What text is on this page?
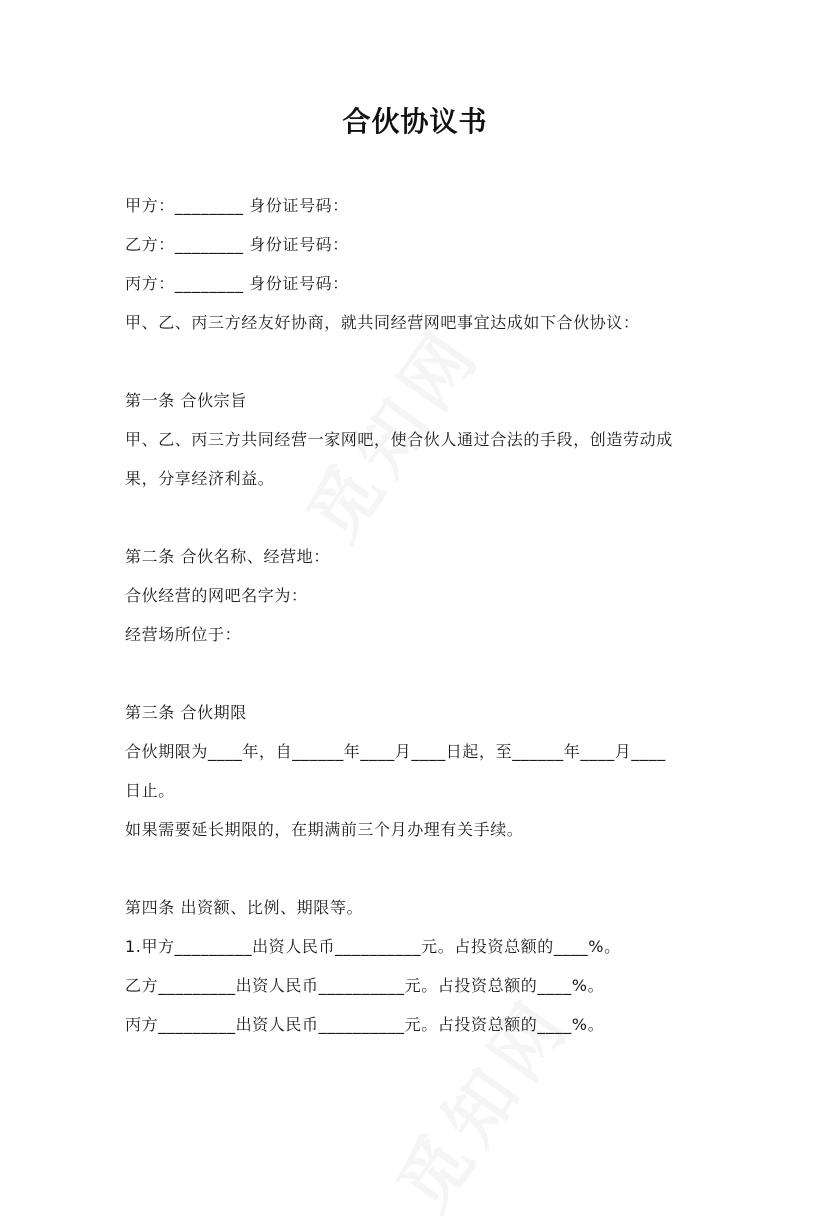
合伙协议书
甲方：________ 身份证号码：
乙方：________ 身份证号码：
丙方：________ 身份证号码：
甲、乙、丙三方经友好协商，就共同经营网吧事宜达成如下合伙协议：
第一条 合伙宗旨
甲、乙、丙三方共同经营一家网吧，使合伙人通过合法的手段，创造劳动成
果，分享经济利益。
第二条 合伙名称、经营地：
合伙经营的网吧名字为：
经营场所位于：
第三条 合伙期限
合伙期限为____年，自______年____月____日起，至______年____月____
日止。
如果需要延长期限的，在期满前三个月办理有关手续。
第四条 出资额、比例、期限等。
1.甲方_________出资人民币__________元。占投资总额的____%。
乙方_________出资人民币__________元。占投资总额的____%。
丙方_________出资人民币__________元。占投资总额的____%。
